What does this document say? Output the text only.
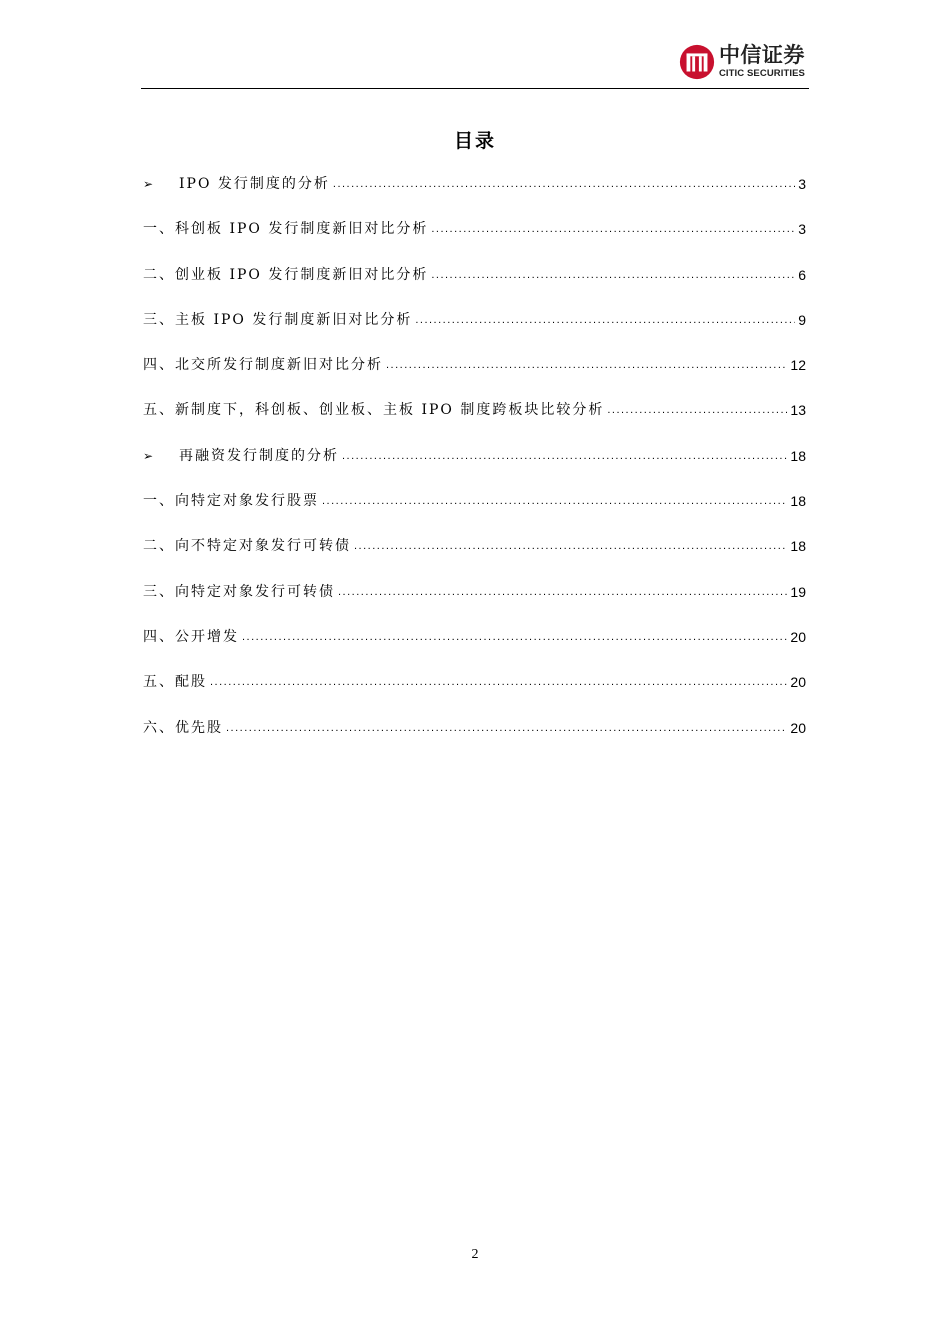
中信证券
CITIC SECURITIES
目录
➢	IPO 发行制度的分析 .....	3
一、科创板 IPO 发行制度新旧对比分析 .....	3
二、创业板 IPO 发行制度新旧对比分析 .....	6
三、主板 IPO 发行制度新旧对比分析 .....	9
四、北交所发行制度新旧对比分析 .....	12
五、新制度下，科创板、创业板、主板 IPO 制度跨板块比较分析 .....	13
➢	再融资发行制度的分析 .....	18
一、向特定对象发行股票 .....	18
二、向不特定对象发行可转债 .....	18
三、向特定对象发行可转债 .....	19
四、公开增发 .....	20
五、配股 .....	20
六、优先股 .....	20
2
